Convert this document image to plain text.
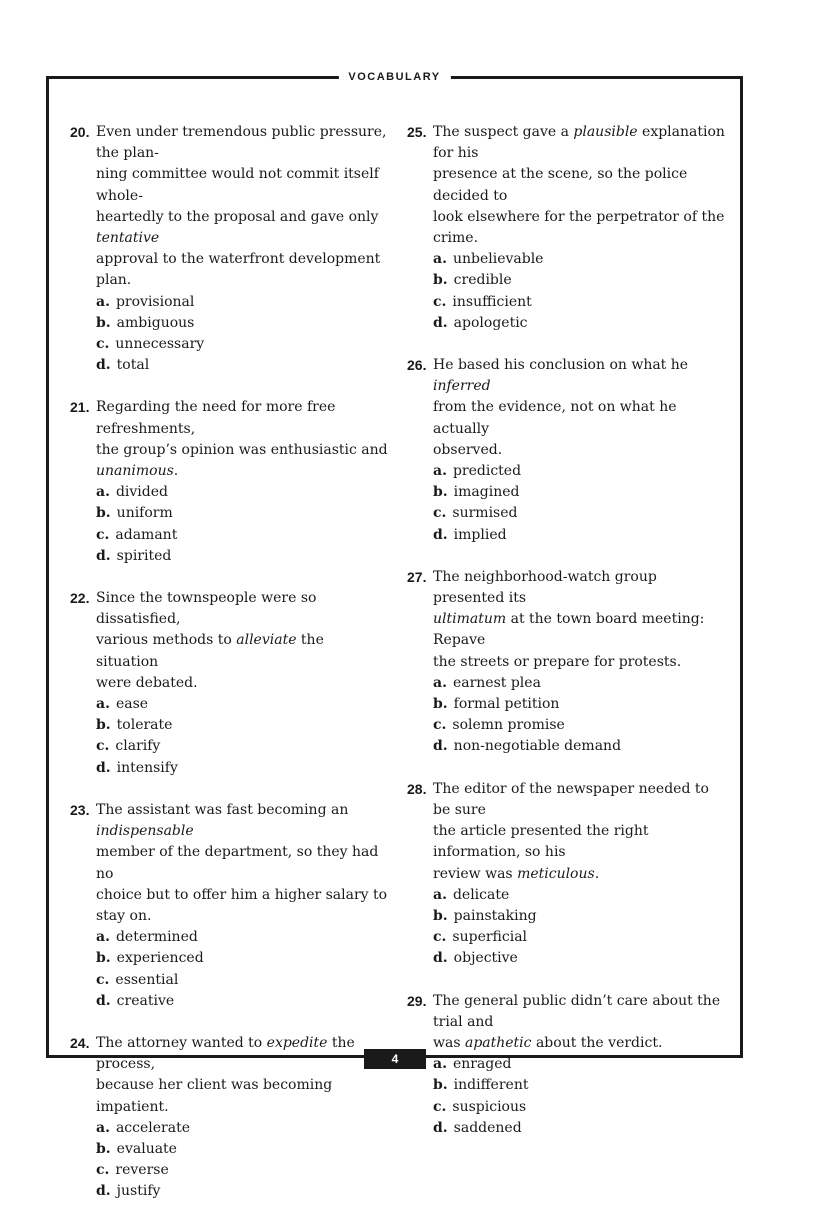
VOCABULARY
20. Even under tremendous public pressure, the plan-
ning committee would not commit itself whole-
heartedly to the proposal and gave only tentative
approval to the waterfront development plan.
a. provisional
b. ambiguous
c. unnecessary
d. total
21. Regarding the need for more free refreshments,
the group’s opinion was enthusiastic and
unanimous.
a. divided
b. uniform
c. adamant
d. spirited
22. Since the townspeople were so dissatisfied,
various methods to alleviate the situation
were debated.
a. ease
b. tolerate
c. clarify
d. intensify
23. The assistant was fast becoming an indispensable
member of the department, so they had no
choice but to offer him a higher salary to stay on.
a. determined
b. experienced
c. essential
d. creative
24. The attorney wanted to expedite the process,
because her client was becoming impatient.
a. accelerate
b. evaluate
c. reverse
d. justify
25. The suspect gave a plausible explanation for his
presence at the scene, so the police decided to
look elsewhere for the perpetrator of the crime.
a. unbelievable
b. credible
c. insufficient
d. apologetic
26. He based his conclusion on what he inferred
from the evidence, not on what he actually
observed.
a. predicted
b. imagined
c. surmised
d. implied
27. The neighborhood-watch group presented its
ultimatum at the town board meeting: Repave
the streets or prepare for protests.
a. earnest plea
b. formal petition
c. solemn promise
d. non-negotiable demand
28. The editor of the newspaper needed to be sure
the article presented the right information, so his
review was meticulous.
a. delicate
b. painstaking
c. superficial
d. objective
29. The general public didn’t care about the trial and
was apathetic about the verdict.
a. enraged
b. indifferent
c. suspicious
d. saddened
4
